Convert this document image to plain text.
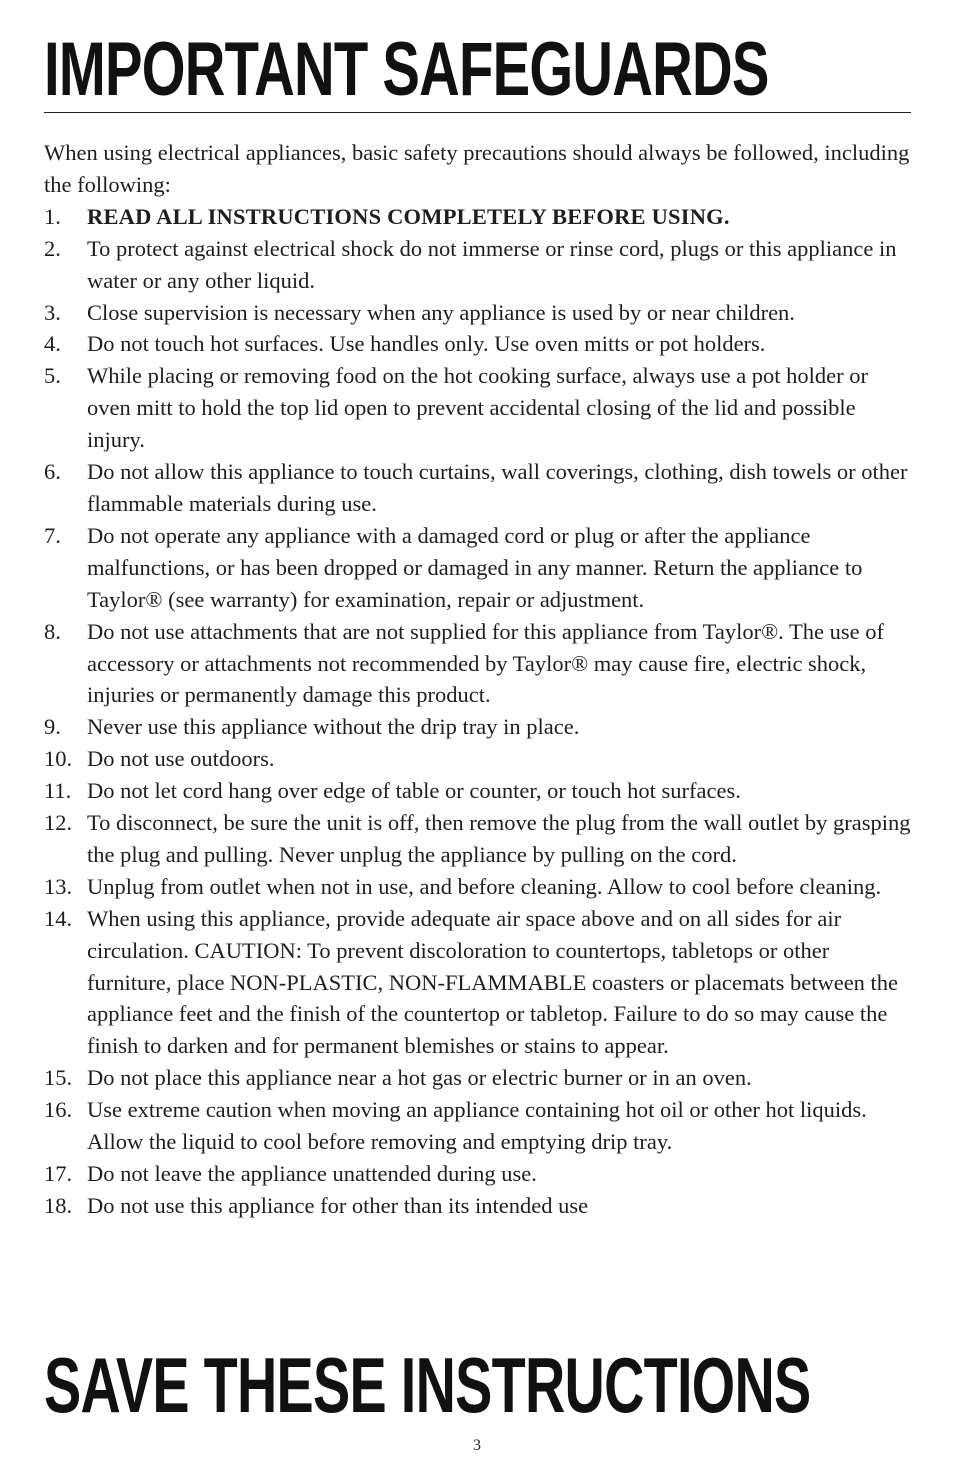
IMPORTANT SAFEGUARDS

When using electrical appliances, basic safety precautions should always be followed, including the following:

1.	READ ALL INSTRUCTIONS COMPLETELY BEFORE USING.
2.	To protect against electrical shock do not immerse or rinse cord, plugs or this appliance in water or any other liquid.
3.	Close supervision is necessary when any appliance is used by or near children.
4.	Do not touch hot surfaces. Use handles only. Use oven mitts or pot holders.
5.	While placing or removing food on the hot cooking surface, always use a pot holder or oven mitt to hold the top lid open to prevent accidental closing of the lid and possible injury.
6.	Do not allow this appliance to touch curtains, wall coverings, clothing, dish towels or other flammable materials during use.
7.	Do not operate any appliance with a damaged cord or plug or after the appliance malfunctions, or has been dropped or damaged in any manner. Return the appliance to Taylor® (see warranty) for examination, repair or adjustment.
8.	Do not use attachments that are not supplied for this appliance from Taylor®. The use of accessory or attachments not recommended by Taylor® may cause fire, electric shock, injuries or permanently damage this product.
9.	Never use this appliance without the drip tray in place.
10. Do not use outdoors.
11. Do not let cord hang over edge of table or counter, or touch hot surfaces.
12. To disconnect, be sure the unit is off, then remove the plug from the wall outlet by grasping the plug and pulling. Never unplug the appliance by pulling on the cord.
13. Unplug from outlet when not in use, and before cleaning. Allow to cool before cleaning.
14. When using this appliance, provide adequate air space above and on all sides for air circulation. CAUTION: To prevent discoloration to countertops, tabletops or other furniture, place NON-PLASTIC, NON-FLAMMABLE coasters or placemats between the appliance feet and the finish of the countertop or tabletop. Failure to do so may cause the finish to darken and for permanent blemishes or stains to appear.
15. Do not place this appliance near a hot gas or electric burner or in an oven.
16. Use extreme caution when moving an appliance containing hot oil or other hot liquids. Allow the liquid to cool before removing and emptying drip tray.
17. Do not leave the appliance unattended during use.
18. Do not use this appliance for other than its intended use
SAVE THESE INSTRUCTIONS
3
